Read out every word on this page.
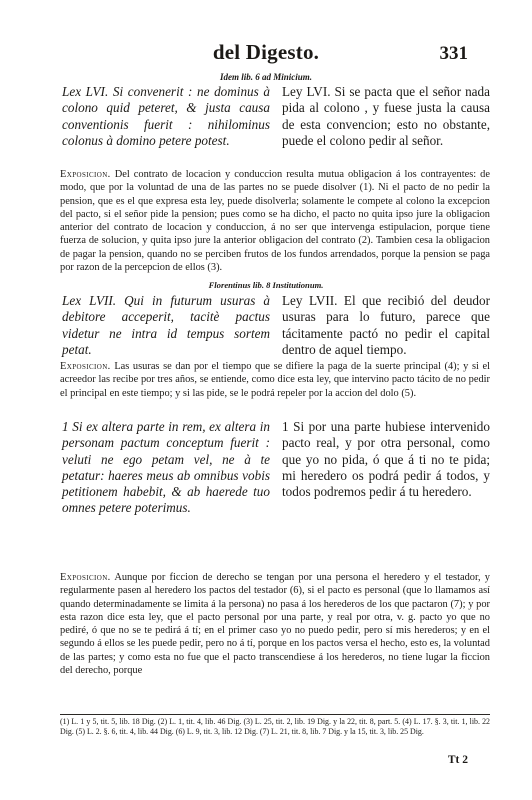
del Digesto.	331
Idem lib. 6 ad Minicium.
Lex LVI. Si convenerit : ne dominus à colono quid peteret, & justa causa conventionis fuerit : nihilominus colonus à domino petere potest.
Ley LVI. Si se pacta que el señor nada pida al colono , y fuese justa la causa de esta convencion; esto no obstante, puede el colono pedir al señor.
Exposicion. Del contrato de locacion y conduccion resulta mutua obligacion á los contrayentes: de modo, que por la voluntad de una de las partes no se puede disolver (1). Ni el pacto de no pedir la pension, que es el que expresa esta ley, puede disolverla; solamente le compete al colono la excepcion del pacto, si el señor pide la pension; pues como se ha dicho, el pacto no quita ipso jure la obligacion anterior del contrato de locacion y conduccion, á no ser que intervenga estipulacion, porque tiene fuerza de solucion, y quita ipso jure la anterior obligacion del contrato (2). Tambien cesa la obligacion de pagar la pension, quando no se perciben frutos de los fundos arrendados, porque la pension se paga por razon de la percepcion de ellos (3).
Florentinus lib. 8 Institutionum.
Lex LVII. Qui in futurum usuras à debitore acceperit, tacitè pactus videtur ne intra id tempus sortem petat.
Ley LVII. El que recibió del deudor usuras para lo futuro, parece que tácitamente pactó no pedir el capital dentro de aquel tiempo.
Exposicion. Las usuras se dan por el tiempo que se difiere la paga de la suerte principal (4); y si el acreedor las recibe por tres años, se entiende, como dice esta ley, que intervino pacto tácito de no pedir el principal en este tiempo; y si las pide, se le podrá repeler por la accion del dolo (5).
1 Si ex altera parte in rem, ex altera in personam pactum conceptum fuerit : veluti ne ego petam vel, ne à te petatur: haeres meus ab omnibus vobis petitionem habebit, & ab haerede tuo omnes petere poterimus.
1 Si por una parte hubiese intervenido pacto real, y por otra personal, como que yo no pida, ó que á ti no te pida; mi heredero os podrá pedir á todos, y todos podremos pedir á tu heredero.
Exposicion. Aunque por ficcion de derecho se tengan por una persona el heredero y el testador, y regularmente pasen al heredero los pactos del testador (6), si el pacto es personal (que lo llamamos así quando determinadamente se limita á la persona) no pasa á los herederos de los que pactaron (7); y por esta razon dice esta ley, que el pacto personal por una parte, y real por otra, v. g. pacto yo que no pediré, ó que no se te pedirá á tí; en el primer caso yo no puedo pedir, pero sí mis herederos; y en el segundo á ellos se les puede pedir, pero no á tí, porque en los pactos versa el hecho, esto es, la voluntad de las partes; y como esta no fue que el pacto transcendiese á los herederos, no tiene lugar la ficcion del derecho, porque
(1) L. 1 y 5, tit. 5, lib. 18 Dig. (2) L. 1, tit. 4, lib. 46 Dig. (3) L. 25, tit. 2, lib. 19 Dig. y la 22, tit. 8, part. 5. (4) L. 17. §. 3, tit. 1, lib. 22 Dig. (5) L. 2. §. 6, tit. 4, lib. 44 Dig. (6) L. 9, tit. 3, lib. 12 Dig. (7) L. 21, tit. 8, lib. 7 Dig. y la 15, tit. 3, lib. 25 Dig.
Tt 2
